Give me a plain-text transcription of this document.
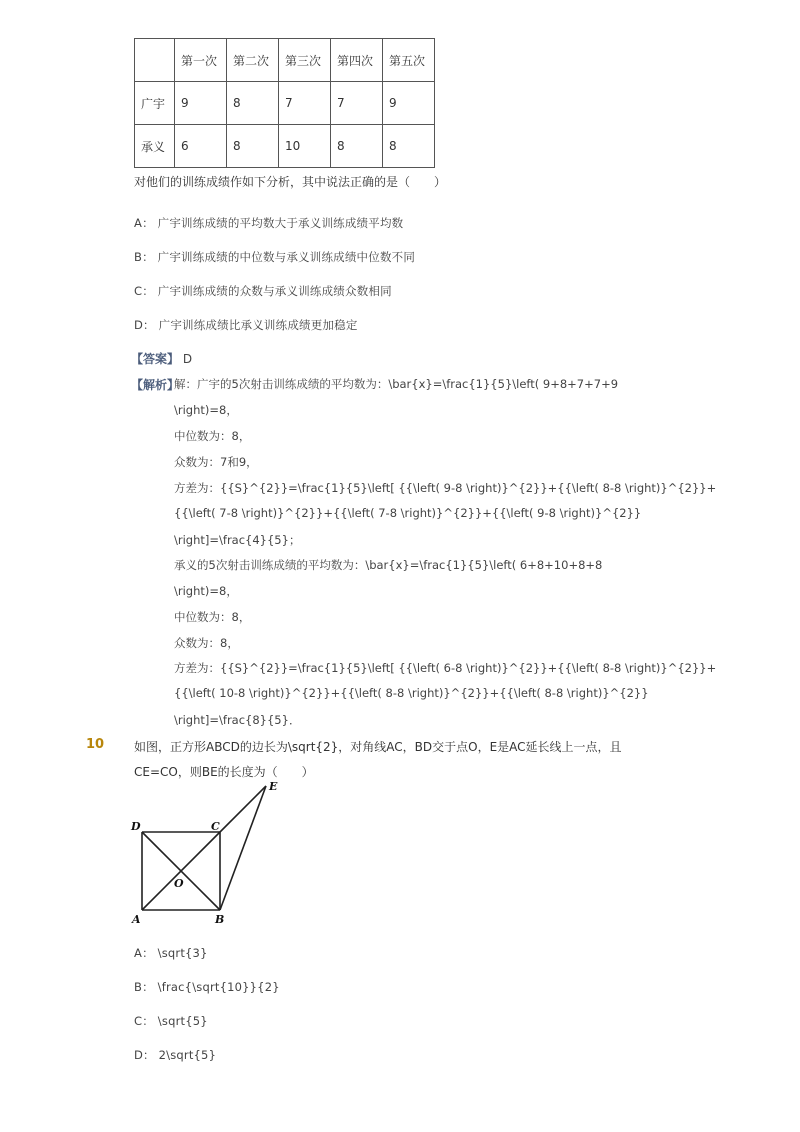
	第一次	第二次	第三次	第四次	第五次
广宇	9	8	7	7	9
承义	6	8	10	8	8
对他们的训练成绩作如下分析，其中说法正确的是（　　）
A： 广宇训练成绩的平均数大于承义训练成绩平均数
B： 广宇训练成绩的中位数与承义训练成绩中位数不同
C： 广宇训练成绩的众数与承义训练成绩众数相同
D： 广宇训练成绩比承义训练成绩更加稳定
【答案】 D
【解析】
解：广宇的5次射击训练成绩的平均数为：\bar{x}=\frac{1}{5}\left( 9+8+7+7+9
\right)=8，
中位数为：8，
众数为：7和9，
方差为：{{S}^{2}}=\frac{1}{5}\left[ {{\left( 9-8 \right)}^{2}}+{{\left( 8-8 \right)}^{2}}+
{{\left( 7-8 \right)}^{2}}+{{\left( 7-8 \right)}^{2}}+{{\left( 9-8 \right)}^{2}}
\right]=\frac{4}{5}；
承义的5次射击训练成绩的平均数为：\bar{x}=\frac{1}{5}\left( 6+8+10+8+8
\right)=8，
中位数为：8，
众数为：8，
方差为：{{S}^{2}}=\frac{1}{5}\left[ {{\left( 6-8 \right)}^{2}}+{{\left( 8-8 \right)}^{2}}+
{{\left( 10-8 \right)}^{2}}+{{\left( 8-8 \right)}^{2}}+{{\left( 8-8 \right)}^{2}}
\right]=\frac{8}{5}．
10 如图，正方形ABCD的边长为\sqrt{2}，对角线AC，BD交于点O，E是AC延长线上一点，且
CE=CO，则BE的长度为（　　）
D	C
E
O
A	B
A： \sqrt{3}
B： \frac{\sqrt{10}}{2}
C： \sqrt{5}
D： 2\sqrt{5}
